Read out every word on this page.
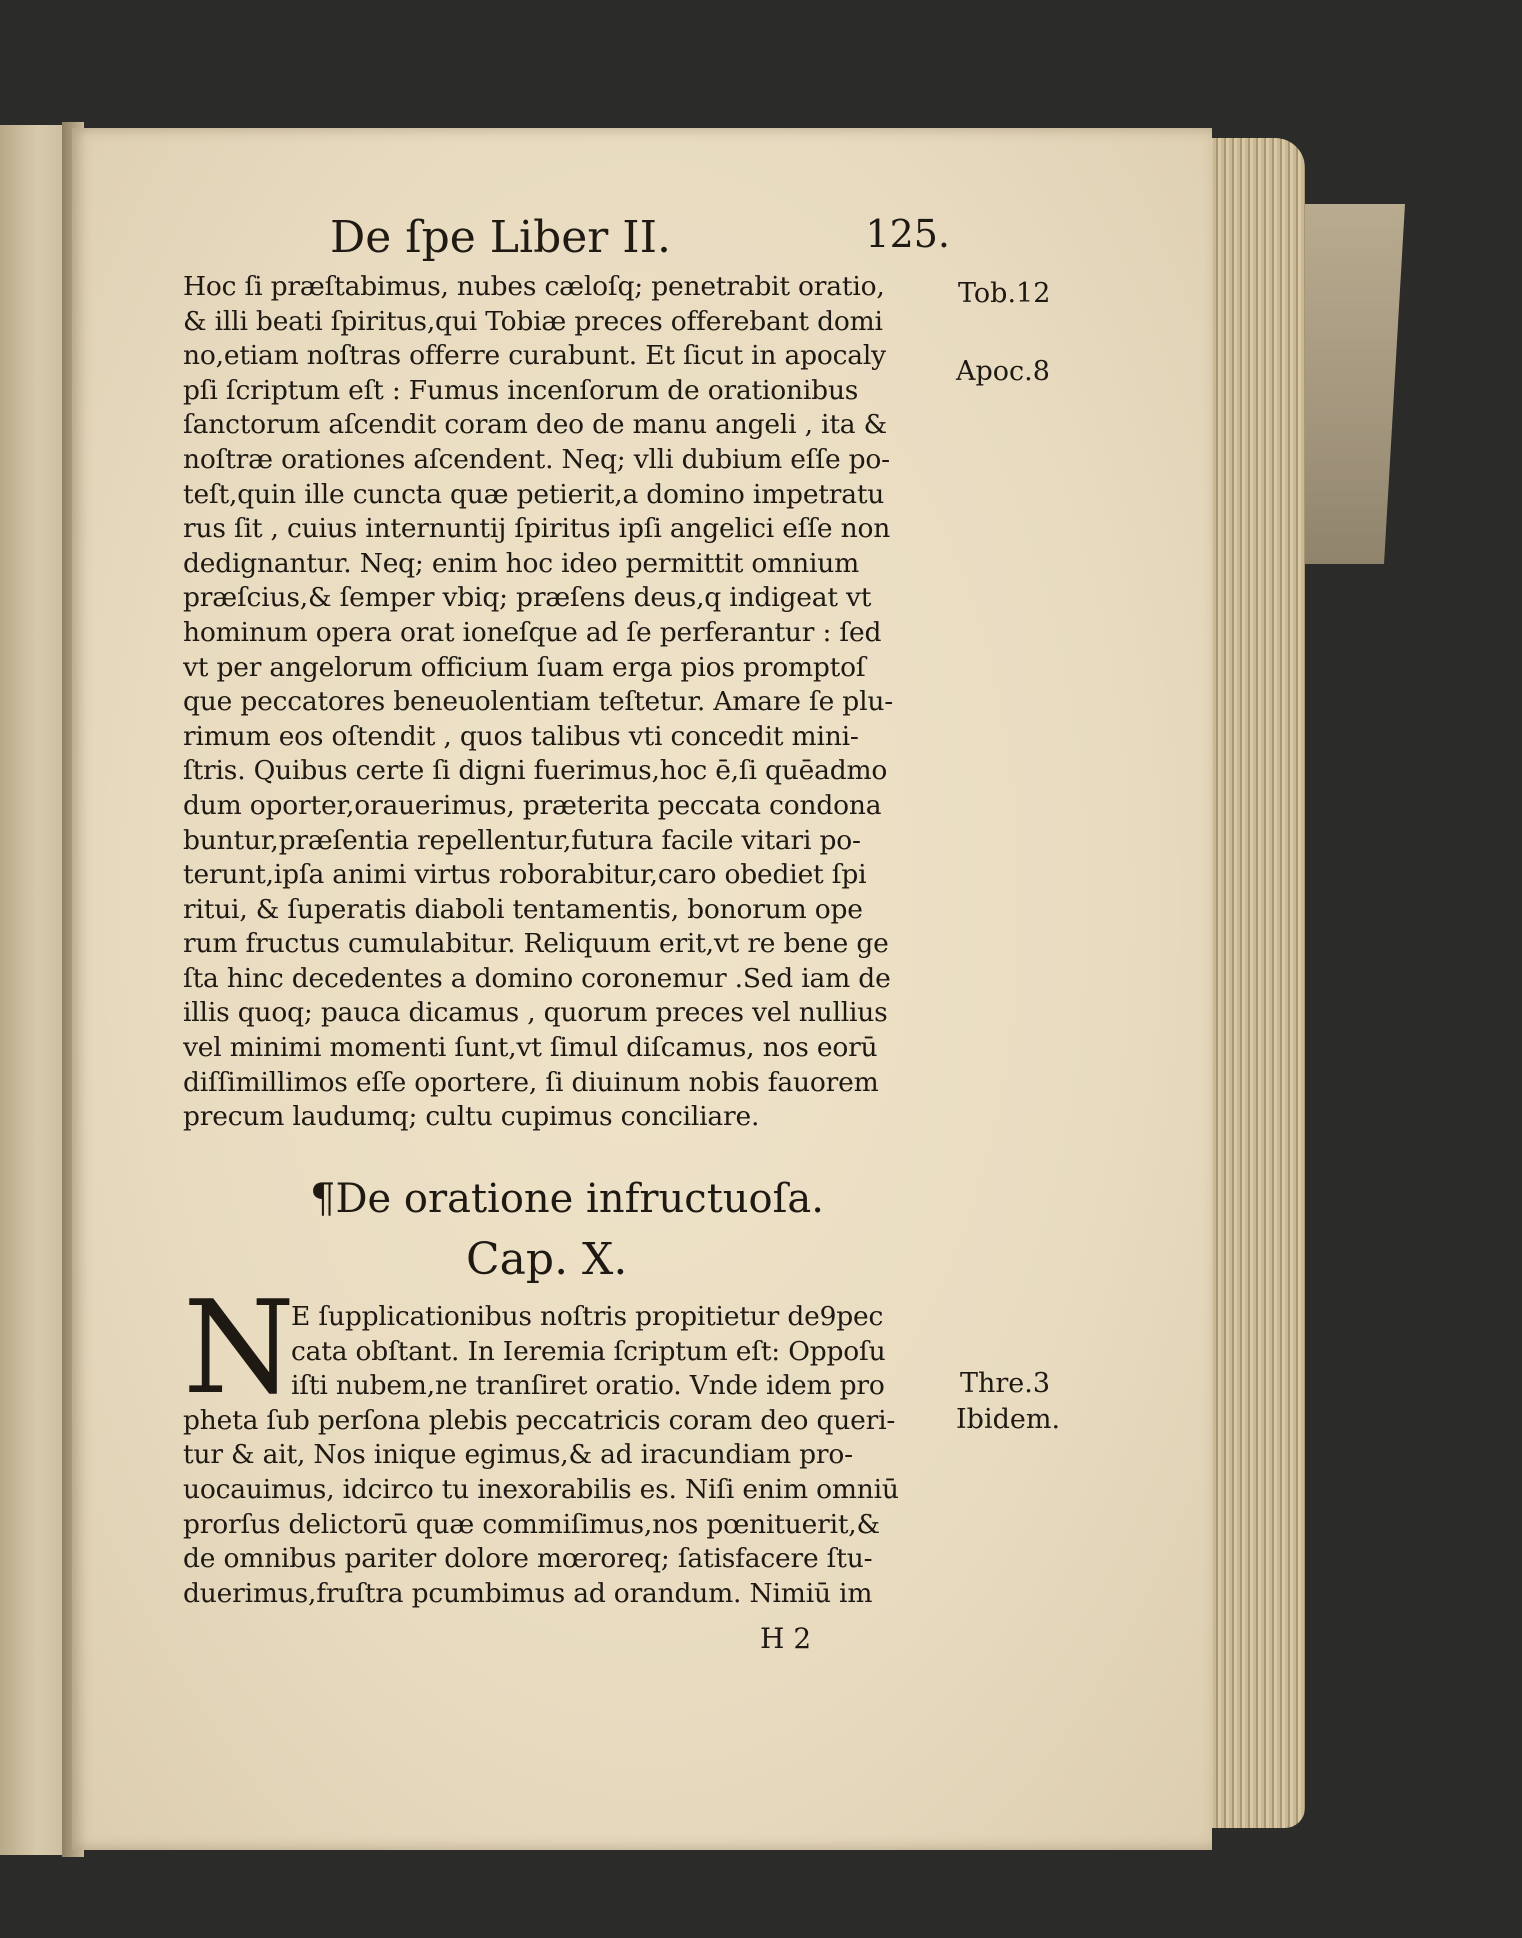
De ſpe Liber II.	125.
Tob.12
Apoc.8
Thre.3
Ibidem.
Hoc ſi præſtabimus, nubes cæloſq; penetrabit oratio,
& illi beati ſpiritus,qui Tobiæ preces offerebant domi
no,etiam noſtras offerre curabunt. Et ſicut in apocaly
pſi ſcriptum eſt : Fumus incenſorum de orationibus
ſanctorum aſcendit coram deo de manu angeli , ita &
noſtræ orationes aſcendent. Neq; vlli dubium eſſe po-
teſt,quin ille cuncta quæ petierit,a domino impetratu
rus ſit , cuius internuntij ſpiritus ipſi angelici eſſe non
dedignantur. Neq; enim hoc ideo permittit omnium
præſcius,& ſemper vbiq; præſens deus,q indigeat vt
hominum opera orat ioneſque ad ſe perferantur : ſed
vt per angelorum officium ſuam erga pios promptoſ
que peccatores beneuolentiam teſtetur. Amare ſe plu-
rimum eos oſtendit , quos talibus vti concedit mini-
ſtris. Quibus certe ſi digni fuerimus,hoc ē,ſi quēadmo
dum oporter,orauerimus, præterita peccata condona
buntur,præſentia repellentur,futura facile vitari po-
terunt,ipſa animi virtus roborabitur,caro obediet ſpi
ritui, & ſuperatis diaboli tentamentis, bonorum ope
rum fructus cumulabitur. Reliquum erit,vt re bene ge
ſta hinc decedentes a domino coronemur .Sed iam de
illis quoq; pauca dicamus , quorum preces vel nullius
vel minimi momenti ſunt,vt ſimul diſcamus, nos eorū
diſſimillimos eſſe oportere, ſi diuinum nobis fauorem
precum laudumq; cultu cupimus conciliare.
¶De oratione infructuoſa.
Cap. X.
N
E ſupplicationibus noſtris propitietur de9pec
cata obſtant. In Ieremia ſcriptum eſt: Oppoſu
iſti nubem,ne tranſiret oratio. Vnde idem pro
pheta ſub perſona plebis peccatricis coram deo queri-
tur & ait, Nos inique egimus,& ad iracundiam pro-
uocauimus, idcirco tu inexorabilis es. Niſi enim omniū
prorſus delictorū quæ commiſimus,nos pœnituerit,&
de omnibus pariter dolore mœroreq; ſatisfacere ſtu-
duerimus,fruſtra pcumbimus ad orandum. Nimiū im
H 2
